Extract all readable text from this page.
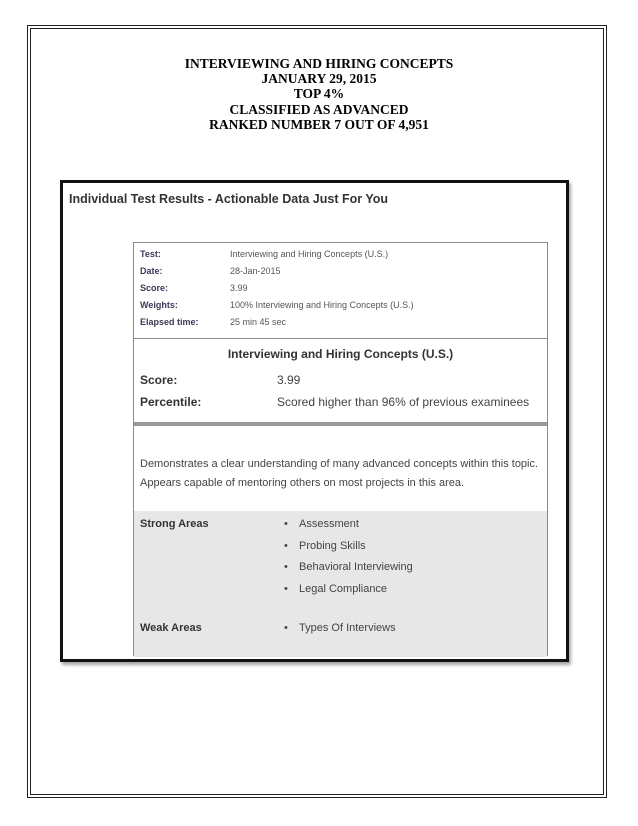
INTERVIEWING AND HIRING CONCEPTS
JANUARY 29, 2015
TOP 4%
CLASSIFIED AS ADVANCED
RANKED NUMBER 7 OUT OF 4,951
Individual Test Results - Actionable Data Just For You
Test:	Interviewing and Hiring Concepts (U.S.)
Date:	28-Jan-2015
Score:	3.99
Weights:	100% Interviewing and Hiring Concepts (U.S.)
Elapsed time:	25 min 45 sec
Interviewing and Hiring Concepts (U.S.)
Score:	3.99
Percentile:	Scored higher than 96% of previous examinees
Demonstrates a clear understanding of many advanced concepts within this topic. Appears capable of mentoring others on most projects in this area.
Strong Areas	• Assessment
• Probing Skills
• Behavioral Interviewing
• Legal Compliance
Weak Areas	• Types Of Interviews
